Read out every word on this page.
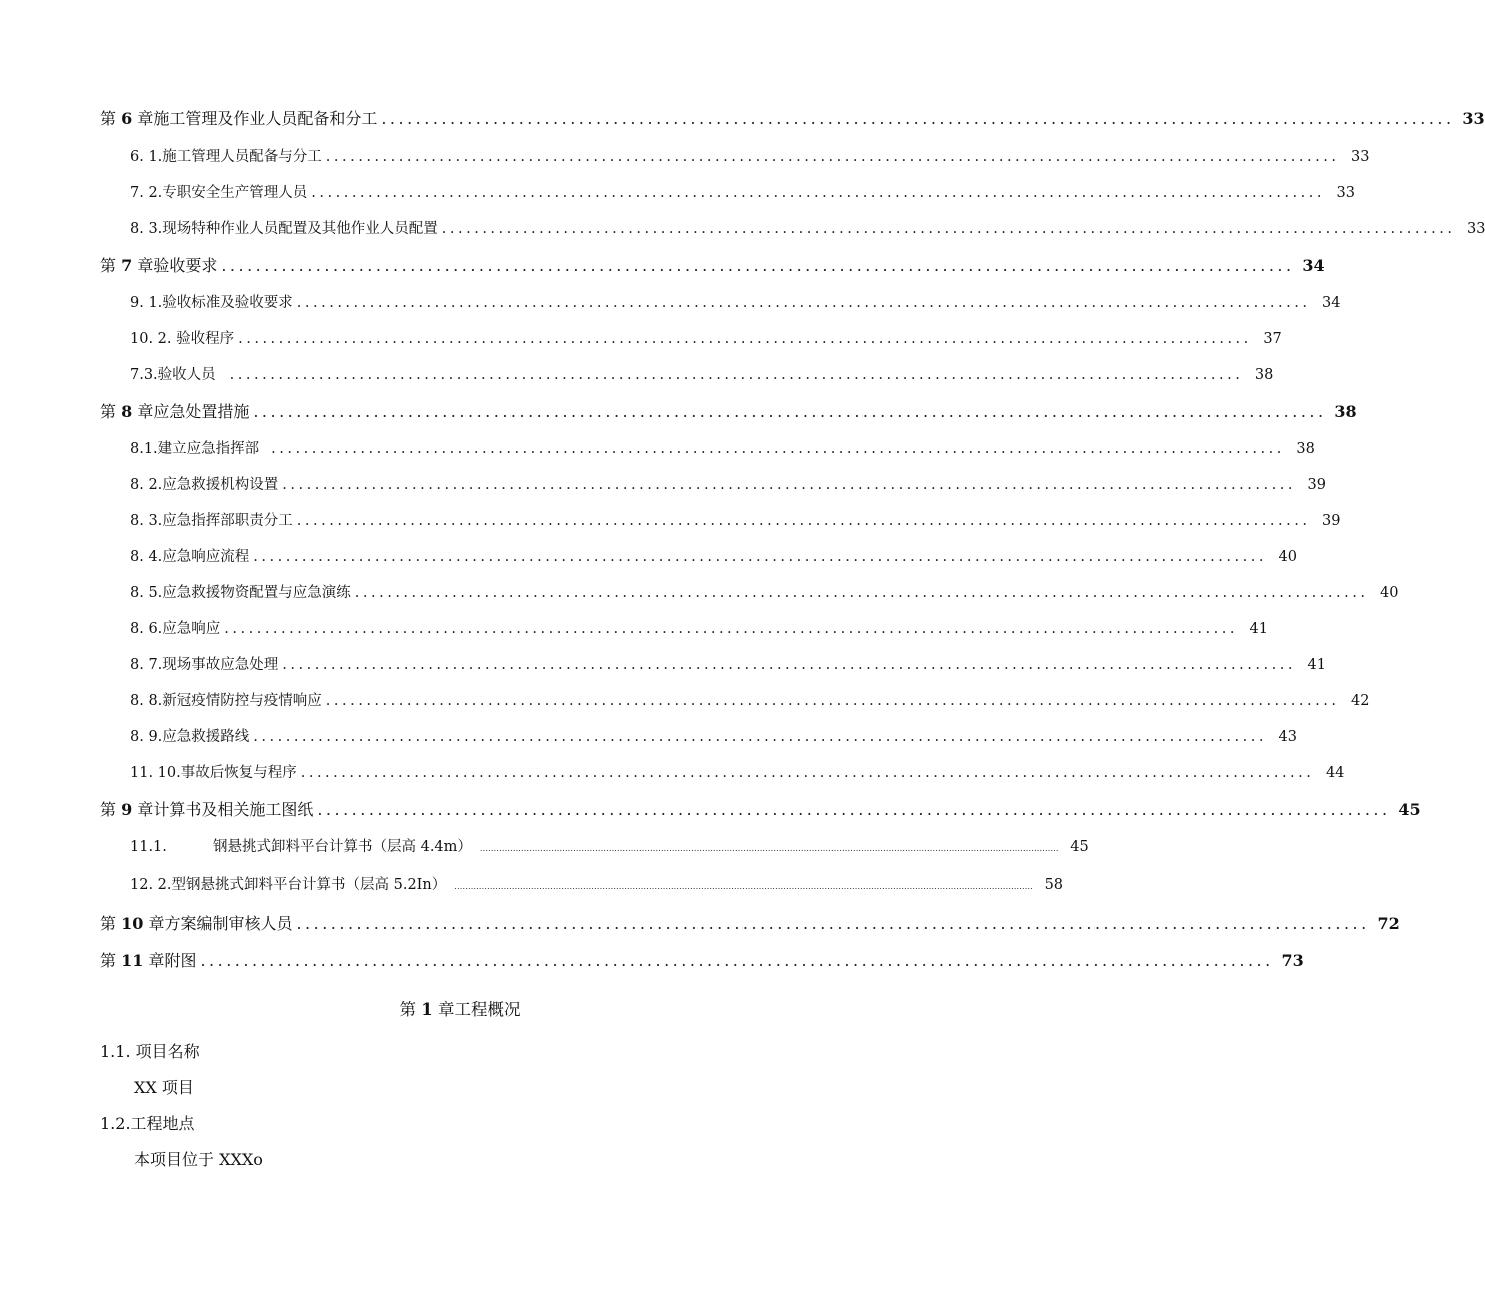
第 6 章施工管理及作业人员配备和分工 ............................................................................................................................. 33
6. 1.施工管理人员配备与分工 ............................................................................................................................. 33
7. 2.专职安全生产管理人员 ............................................................................................................................. 33
8. 3.现场特种作业人员配置及其他作业人员配置 ............................................................................................................................. 33
第 7 章验收要求 ............................................................................................................................. 34
9. 1.验收标准及验收要求 ............................................................................................................................. 34
10. 2. 验收程序 ............................................................................................................................. 37
7.3.验收人员 ............................................................................................................................. 38
第 8 章应急处置措施 ............................................................................................................................. 38
8.1.建立应急指挥部 ............................................................................................................................. 38
8. 2.应急救援机构设置 ............................................................................................................................. 39
8. 3.应急指挥部职责分工 ............................................................................................................................. 39
8. 4.应急响应流程 ............................................................................................................................. 40
8. 5.应急救援物资配置与应急演练 ............................................................................................................................. 40
8. 6.应急响应 ............................................................................................................................. 41
8. 7.现场事故应急处理 ............................................................................................................................. 41
8. 8.新冠疫情防控与疫情响应 ............................................................................................................................. 42
8. 9.应急救援路线 ............................................................................................................................. 43
11. 10.事故后恢复与程序 ............................................................................................................................. 44
第 9 章计算书及相关施工图纸 ............................................................................................................................. 45
11.1.          钢悬挑式卸料平台计算书（层高 4.4m） ................................................................................................................................................................................................................... 45
12. 2.型钢悬挑式卸料平台计算书（层高 5.2In） ................................................................................................................................................................................................................... 58
第 10 章方案编制审核人员 ............................................................................................................................. 72
第 11 章附图 ............................................................................................................................. 73
第 1 章工程概况
1.1. 项目名称
XX 项目
1.2.工程地点
本项目位于 XXXo
